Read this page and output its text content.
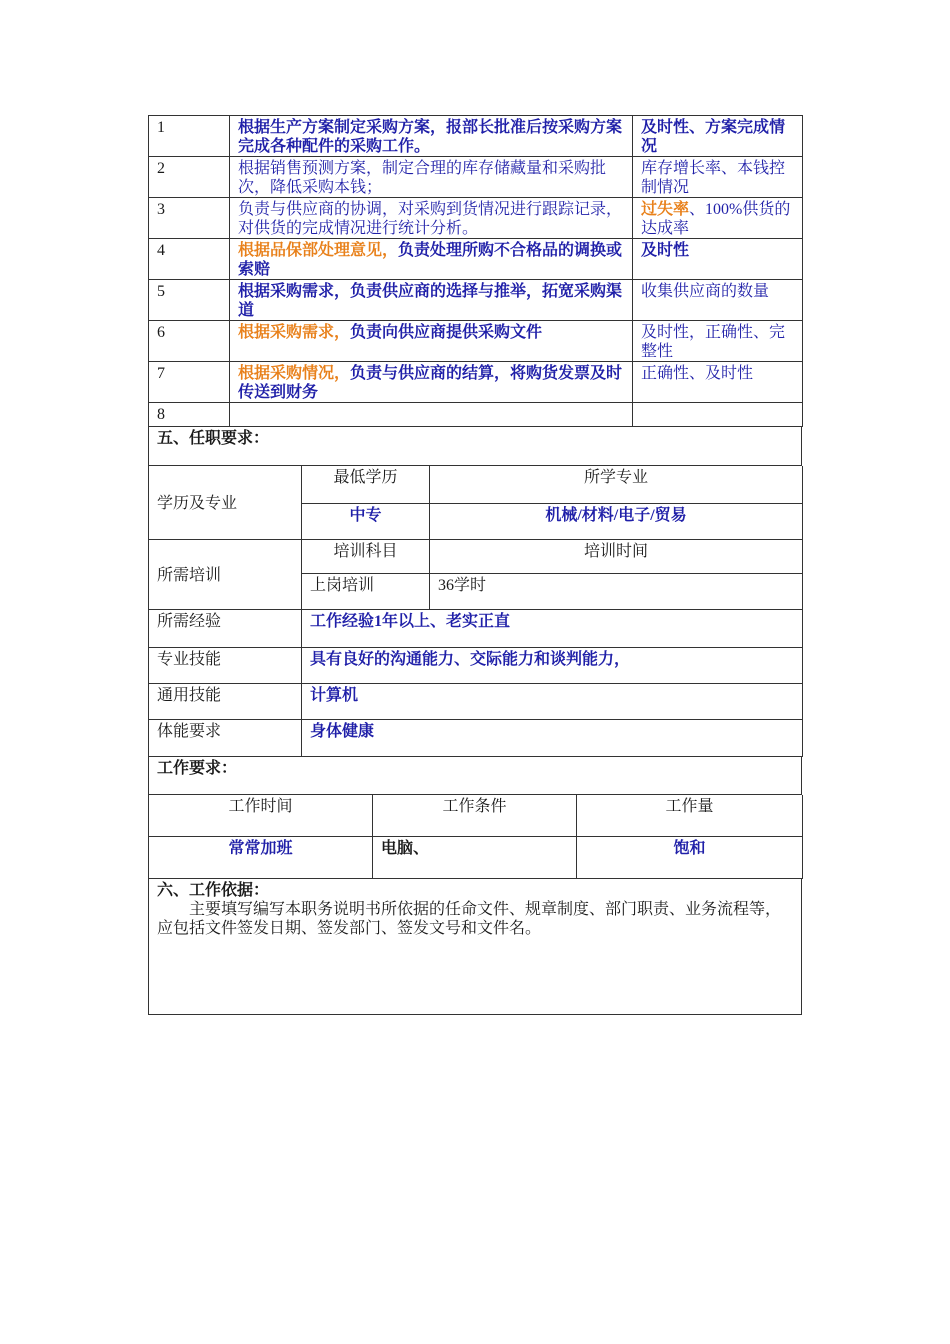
1	根据生产方案制定采购方案，报部长批准后按采购方案完成各种配件的采购工作。	及时性、方案完成情况
2	根据销售预测方案，制定合理的库存储藏量和采购批次，降低采购本钱；	库存增长率、本钱控制情况
3	负责与供应商的协调，对采购到货情况进行跟踪记录，对供货的完成情况进行统计分析。	过失率、100%供货的达成率
4	根据品保部处理意见，负责处理所购不合格品的调换或索赔	及时性
5	根据采购需求，负责供应商的选择与推举，拓宽采购渠道	收集供应商的数量
6	根据采购需求，负责向供应商提供采购文件	及时性，正确性、完整性
7	根据采购情况，负责与供应商的结算，将购货发票及时传送到财务	正确性、及时性
8		
五、任职要求：
学历及专业	最低学历	所学专业
	中专	机械/材料/电子/贸易
所需培训	培训科目	培训时间
	上岗培训	36学时
所需经验	工作经验1年以上、老实正直	
专业技能	具有良好的沟通能力、交际能力和谈判能力，	
通用技能	计算机	
体能要求	身体健康	
工作要求：
工作时间	工作条件	工作量
常常加班	电脑、	饱和
六、工作依据：
主要填写编写本职务说明书所依据的任命文件、规章制度、部门职责、业务流程等，应包括文件签发日期、签发部门、签发文号和文件名。
